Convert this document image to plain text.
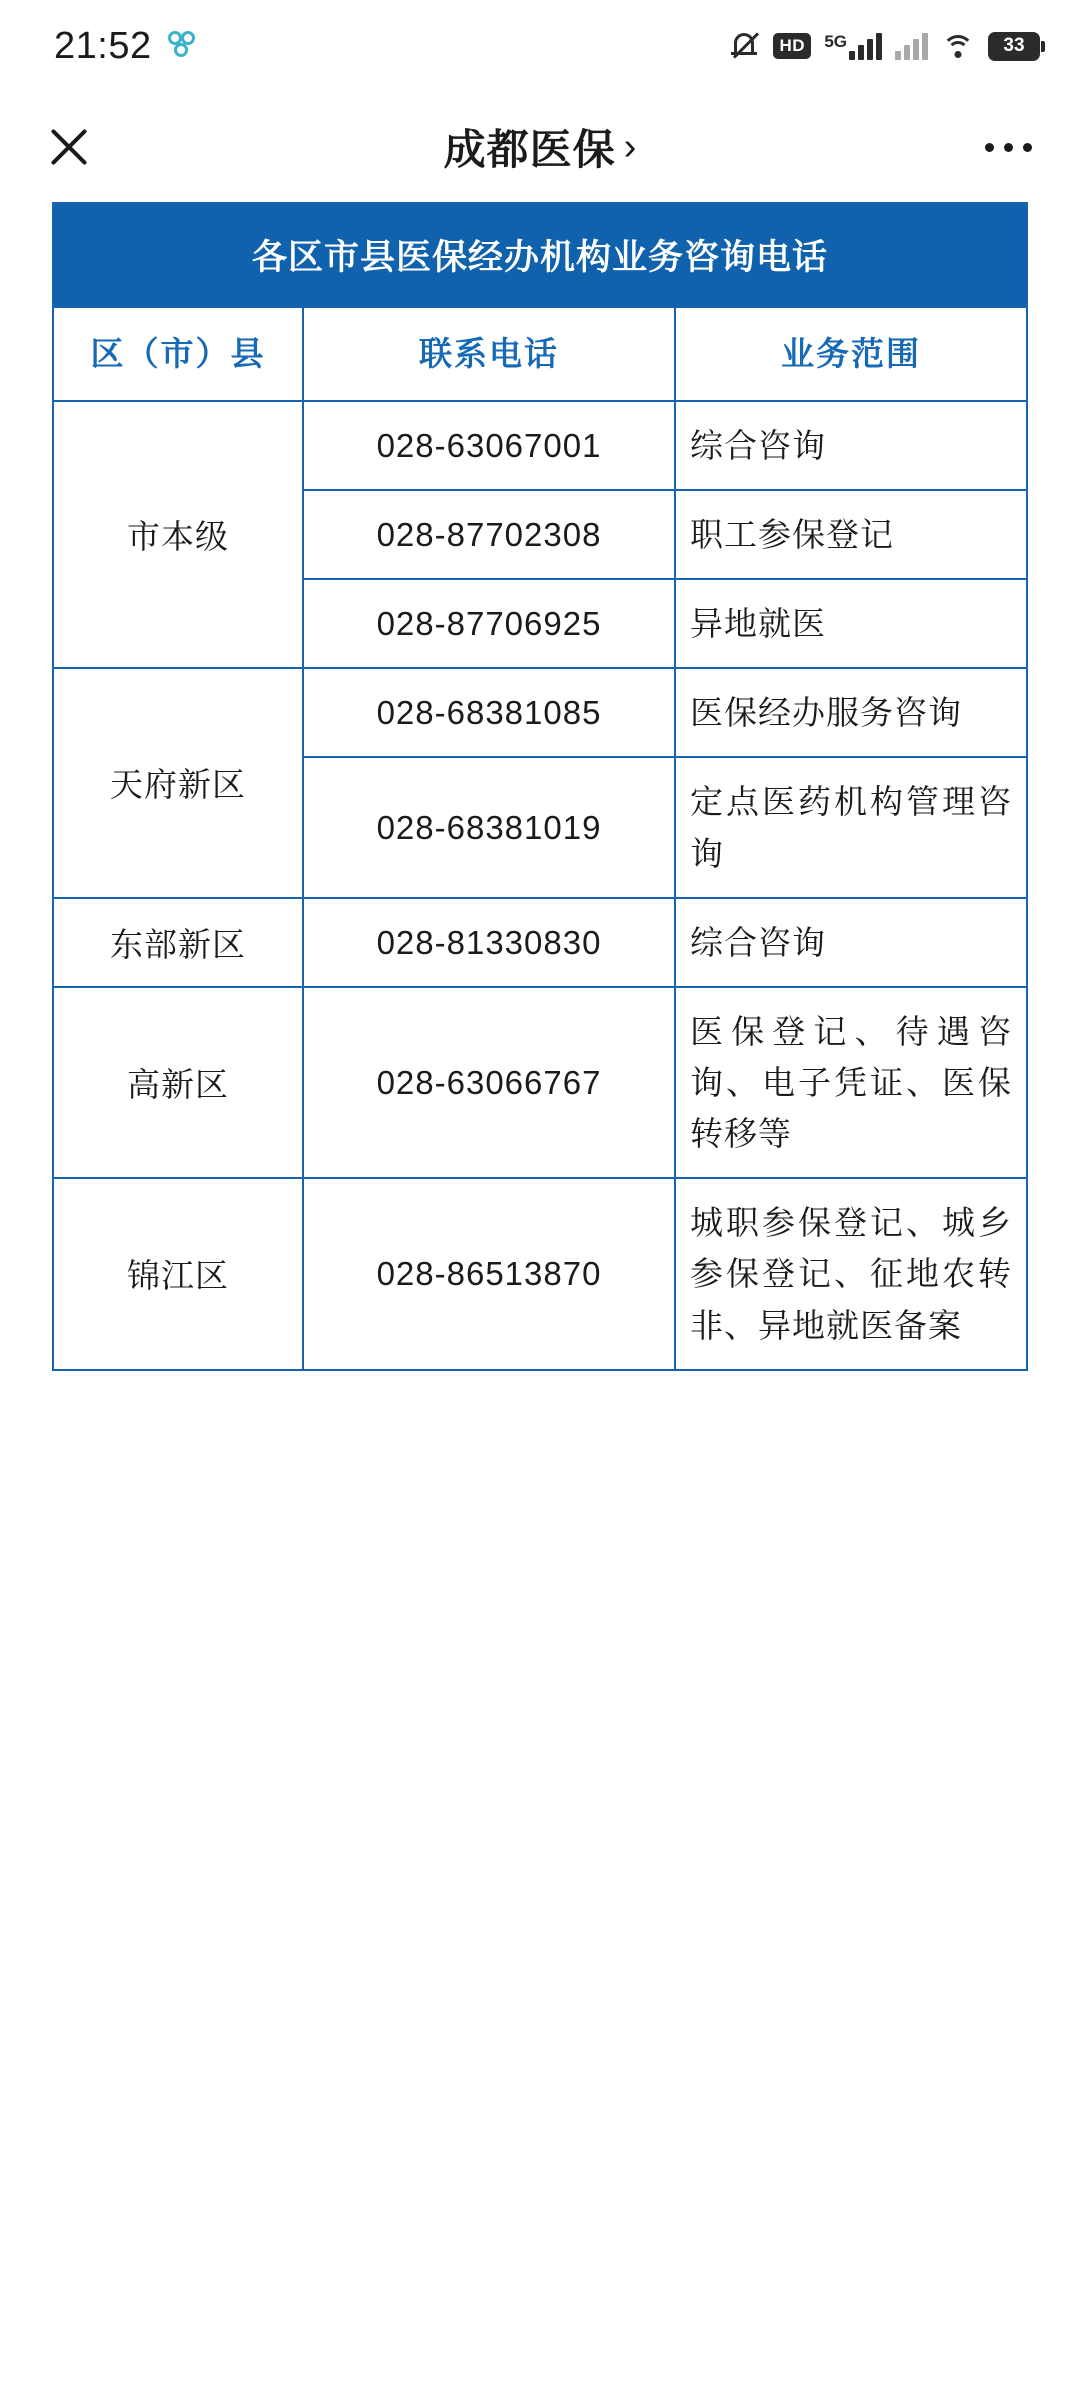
21:52	HD	5G	33
成都医保 ›
各区市县医保经办机构业务咨询电话		
区（市）县	联系电话	业务范围
市本级	028-63067001	综合咨询
	028-87702308	职工参保登记
	028-87706925	异地就医
天府新区	028-68381085	医保经办服务咨询
	028-68381019	定点医药机构管理咨询
东部新区	028-81330830	综合咨询
高新区	028-63066767	医保登记、待遇咨询、电子凭证、医保转移等
锦江区	028-86513870	城职参保登记、城乡参保登记、征地农转非、异地就医备案
